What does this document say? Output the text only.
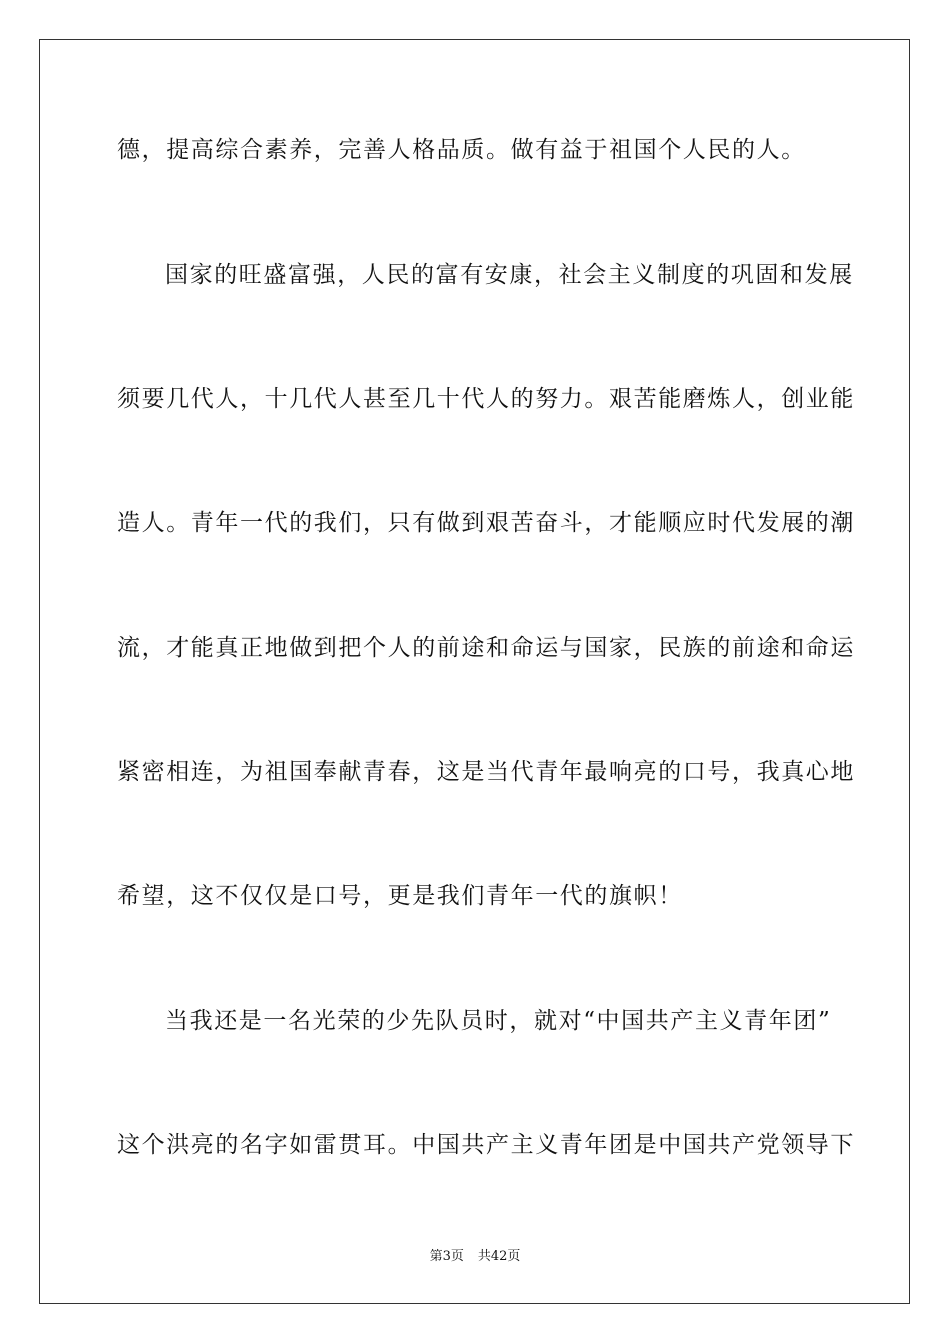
德，提高综合素养，完善人格品质。做有益于祖国个人民的人。
国家的旺盛富强，人民的富有安康，社会主义制度的巩固和发展
须要几代人，十几代人甚至几十代人的努力。艰苦能磨炼人，创业能
造人。青年一代的我们，只有做到艰苦奋斗，才能顺应时代发展的潮
流，才能真正地做到把个人的前途和命运与国家，民族的前途和命运
紧密相连，为祖国奉献青春，这是当代青年最响亮的口号，我真心地
希望，这不仅仅是口号，更是我们青年一代的旗帜！
当我还是一名光荣的少先队员时，就对“中国共产主义青年团”
这个洪亮的名字如雷贯耳。中国共产主义青年团是中国共产党领导下
第3页 共42页
